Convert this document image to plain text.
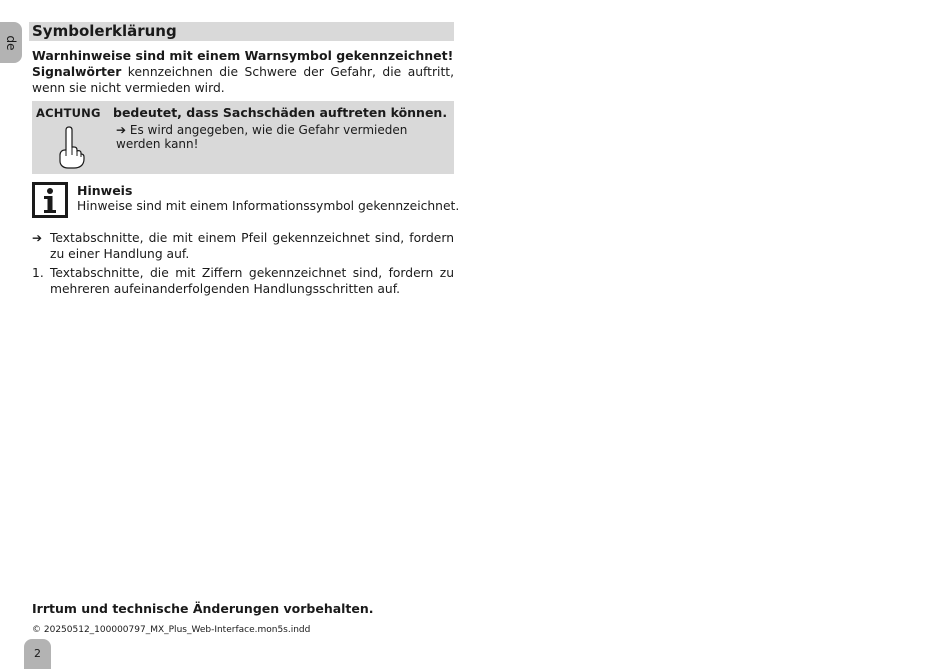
de
Symbolerklärung
Warnhinweise sind mit einem Warnsymbol gekennzeichnet!
Signalwörter kennzeichnen die Schwere der Gefahr, die auftritt, wenn sie nicht vermieden wird.
ACHTUNG bedeutet, dass Sachschäden auftreten können.
➔ Es wird angegeben, wie die Gefahr vermieden werden kann!
Hinweis
Hinweise sind mit einem Informationssymbol gekennzeichnet.
➔ Textabschnitte, die mit einem Pfeil gekennzeichnet sind, fordern zu einer Handlung auf.
1. Textabschnitte, die mit Ziffern gekennzeichnet sind, fordern zu mehreren aufeinanderfolgenden Handlungsschritten auf.
Irrtum und technische Änderungen vorbehalten.
© 20250512_100000797_MX_Plus_Web-Interface.mon5s.indd
2
